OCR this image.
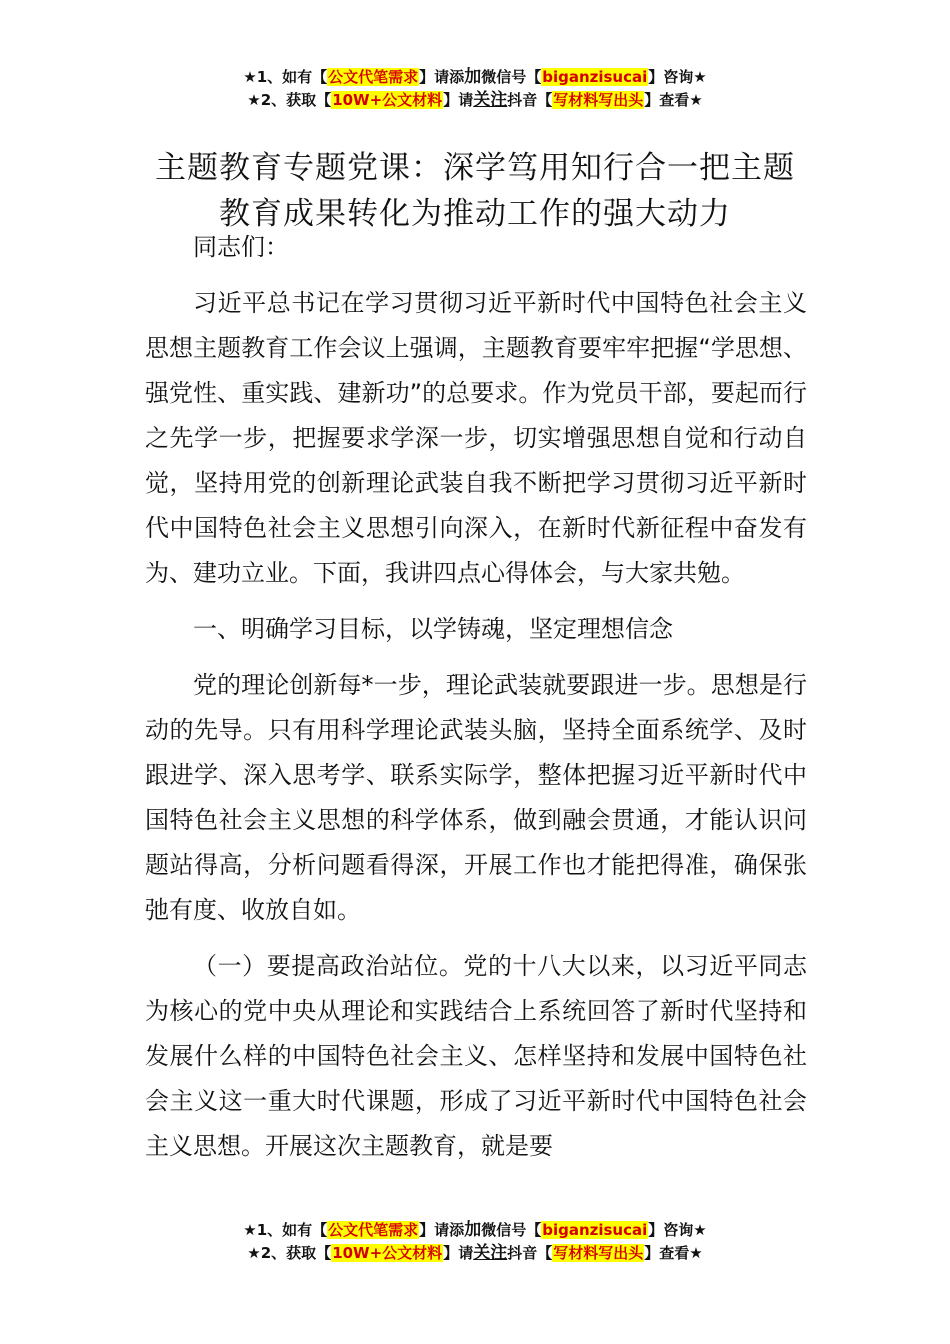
★1、如有【公文代笔需求】请添加微信号【biganzisucai】咨询★
★2、获取【10W+公文材料】请关注抖音【写材料写出头】查看★
主题教育专题党课：深学笃用知行合一把主题教育成果转化为推动工作的强大动力

同志们：

习近平总书记在学习贯彻习近平新时代中国特色社会主义思想主题教育工作会议上强调，主题教育要牢牢把握“学思想、强党性、重实践、建新功”的总要求。作为党员干部，要起而行之先学一步，把握要求学深一步，切实增强思想自觉和行动自觉，坚持用党的创新理论武装自我不断把学习贯彻习近平新时代中国特色社会主义思想引向深入，在新时代新征程中奋发有为、建功立业。下面，我讲四点心得体会，与大家共勉。

一、明确学习目标，以学铸魂，坚定理想信念

党的理论创新每*一步，理论武装就要跟进一步。思想是行动的先导。只有用科学理论武装头脑，坚持全面系统学、及时跟进学、深入思考学、联系实际学，整体把握习近平新时代中国特色社会主义思想的科学体系，做到融会贯通，才能认识问题站得高，分析问题看得深，开展工作也才能把得准，确保张弛有度、收放自如。

（一）要提高政治站位。党的十八大以来，以习近平同志为核心的党中央从理论和实践结合上系统回答了新时代坚持和发展什么样的中国特色社会主义、怎样坚持和发展中国特色社会主义这一重大时代课题，形成了习近平新时代中国特色社会主义思想。开展这次主题教育，就是要

★1、如有【公文代笔需求】请添加微信号【biganzisucai】咨询★
★2、获取【10W+公文材料】请关注抖音【写材料写出头】查看★
